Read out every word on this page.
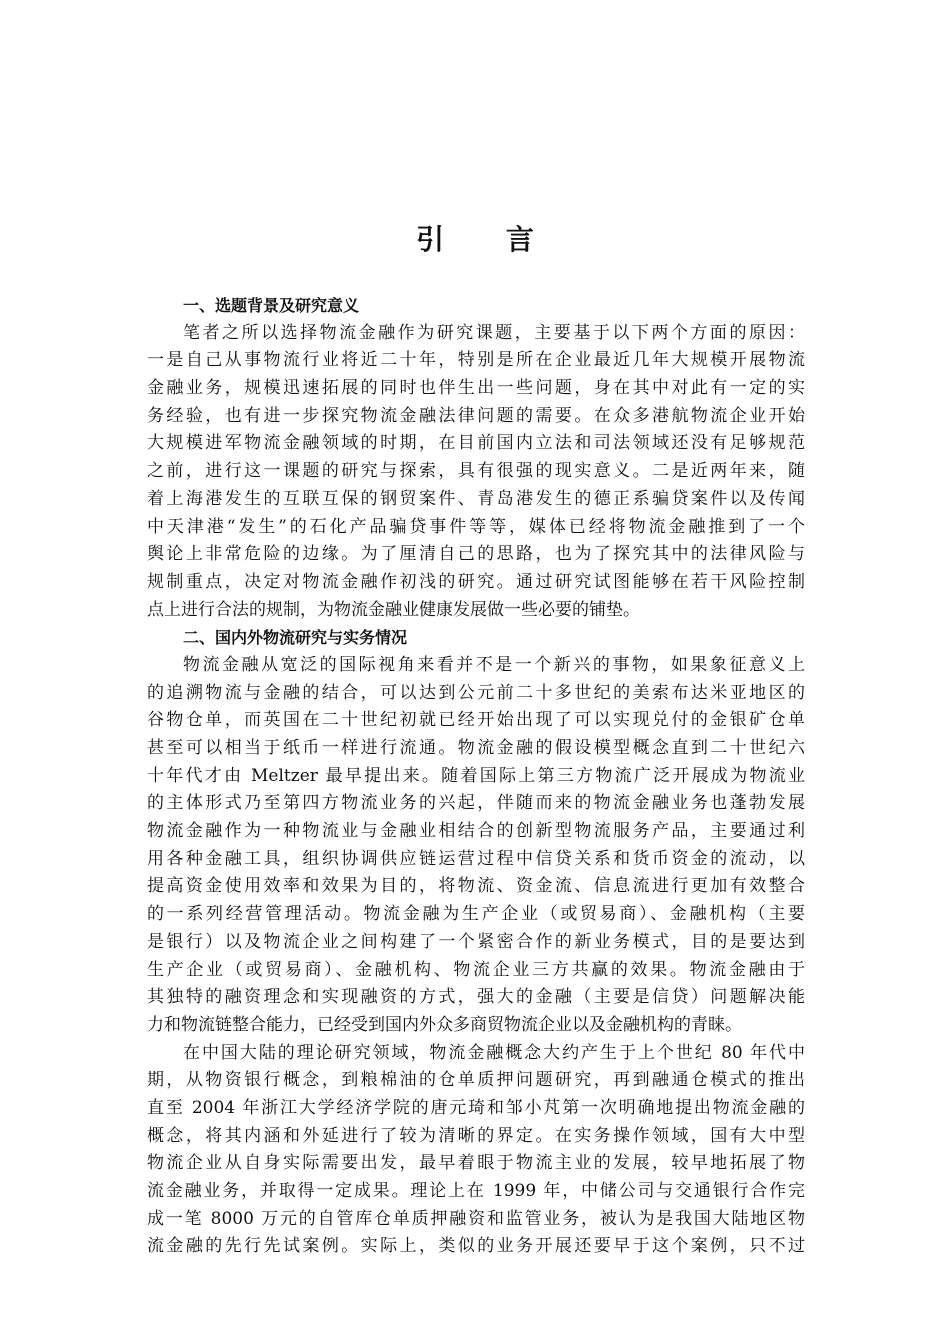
引 言
一、选题背景及研究意义
笔者之所以选择物流金融作为研究课题，主要基于以下两个方面的原因：
一是自己从事物流行业将近二十年，特别是所在企业最近几年大规模开展物流
金融业务，规模迅速拓展的同时也伴生出一些问题，身在其中对此有一定的实
务经验，也有进一步探究物流金融法律问题的需要。在众多港航物流企业开始
大规模进军物流金融领域的时期，在目前国内立法和司法领域还没有足够规范
之前，进行这一课题的研究与探索，具有很强的现实意义。二是近两年来，随
着上海港发生的互联互保的钢贸案件、青岛港发生的德正系骗贷案件以及传闻
中天津港“发生”的石化产品骗贷事件等等，媒体已经将物流金融推到了一个
舆论上非常危险的边缘。为了厘清自己的思路，也为了探究其中的法律风险与
规制重点，决定对物流金融作初浅的研究。通过研究试图能够在若干风险控制
点上进行合法的规制，为物流金融业健康发展做一些必要的铺垫。
二、国内外物流研究与实务情况
物流金融从宽泛的国际视角来看并不是一个新兴的事物，如果象征意义上
的追溯物流与金融的结合，可以达到公元前二十多世纪的美索布达米亚地区的
谷物仓单，而英国在二十世纪初就已经开始出现了可以实现兑付的金银矿仓单
甚至可以相当于纸币一样进行流通。物流金融的假设模型概念直到二十世纪六
十年代才由 Meltzer 最早提出来。随着国际上第三方物流广泛开展成为物流业
的主体形式乃至第四方物流业务的兴起，伴随而来的物流金融业务也蓬勃发展
物流金融作为一种物流业与金融业相结合的创新型物流服务产品，主要通过利
用各种金融工具，组织协调供应链运营过程中信贷关系和货币资金的流动，以
提高资金使用效率和效果为目的，将物流、资金流、信息流进行更加有效整合
的一系列经营管理活动。物流金融为生产企业（或贸易商）、金融机构（主要
是银行）以及物流企业之间构建了一个紧密合作的新业务模式，目的是要达到
生产企业（或贸易商）、金融机构、物流企业三方共赢的效果。物流金融由于
其独特的融资理念和实现融资的方式，强大的金融（主要是信贷）问题解决能
力和物流链整合能力，已经受到国内外众多商贸物流企业以及金融机构的青睐。
在中国大陆的理论研究领域，物流金融概念大约产生于上个世纪 80 年代中
期，从物资银行概念，到粮棉油的仓单质押问题研究，再到融通仓模式的推出
直至 2004 年浙江大学经济学院的唐元琦和邹小芃第一次明确地提出物流金融的
概念，将其内涵和外延进行了较为清晰的界定。在实务操作领域，国有大中型
物流企业从自身实际需要出发，最早着眼于物流主业的发展，较早地拓展了物
流金融业务，并取得一定成果。理论上在 1999 年，中储公司与交通银行合作完
成一笔 8000 万元的自管库仓单质押融资和监管业务，被认为是我国大陆地区物
流金融的先行先试案例。实际上，类似的业务开展还要早于这个案例，只不过
